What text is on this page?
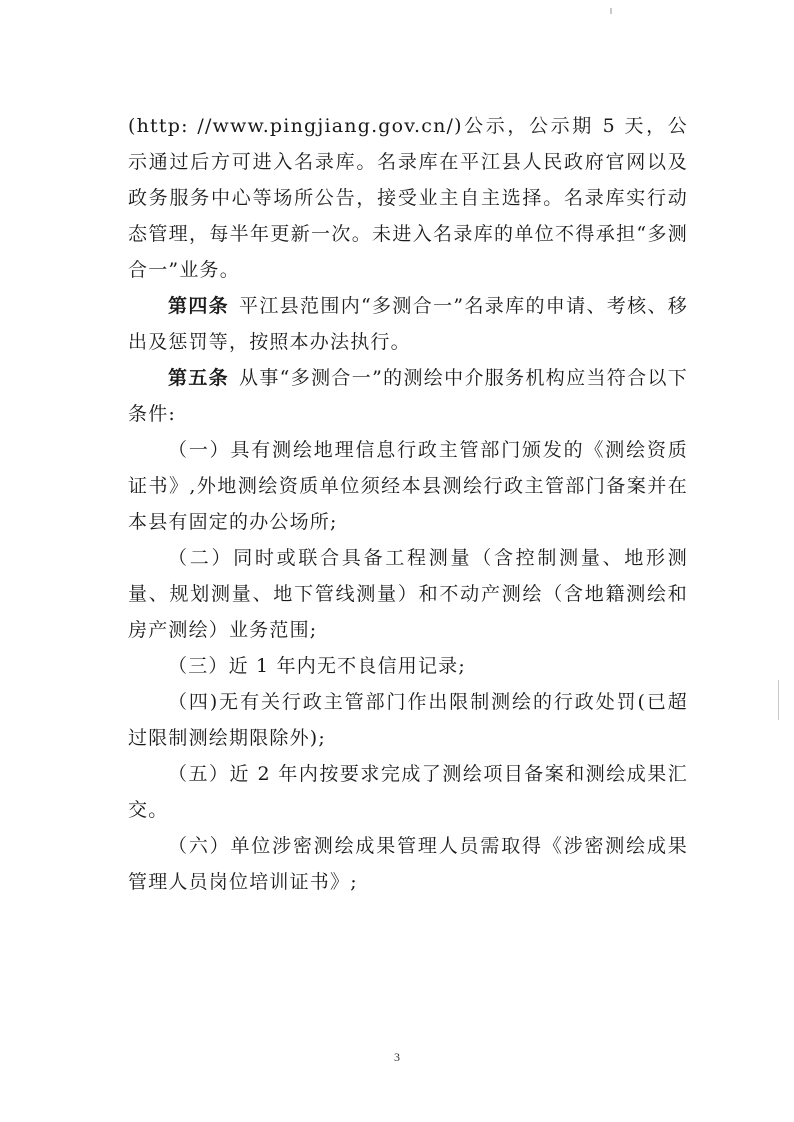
(http: //www.pingjiang.gov.cn/)公示，公示期 5 天，公示通过后方可进入名录库。名录库在平江县人民政府官网以及政务服务中心等场所公告，接受业主自主选择。名录库实行动态管理，每半年更新一次。未进入名录库的单位不得承担“多测合一”业务。

第四条 平江县范围内“多测合一”名录库的申请、考核、移出及惩罚等，按照本办法执行。

第五条 从事“多测合一”的测绘中介服务机构应当符合以下条件:

（一）具有测绘地理信息行政主管部门颁发的《测绘资质证书》,外地测绘资质单位须经本县测绘行政主管部门备案并在本县有固定的办公场所;

（二）同时或联合具备工程测量（含控制测量、地形测量、规划测量、地下管线测量）和不动产测绘（含地籍测绘和房产测绘）业务范围;

（三）近 1 年内无不良信用记录;

（四)无有关行政主管部门作出限制测绘的行政处罚(已超过限制测绘期限除外);

（五）近 2 年内按要求完成了测绘项目备案和测绘成果汇交。

（六）单位涉密测绘成果管理人员需取得《涉密测绘成果管理人员岗位培训证书》;

3
